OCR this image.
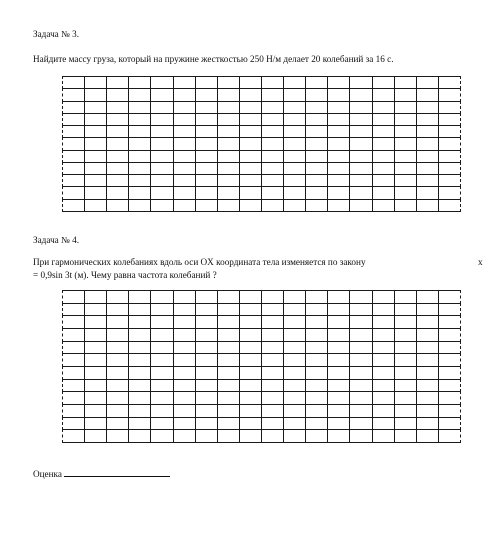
Задача № 3.
Найдите массу груза, который на пружине жесткостью 250 Н/м делает 20 колебаний за 16 с.
Задача № 4.
При гармонических колебаниях вдоль оси OX координата тела изменяется по закону	x
= 0,9sin 3t (м). Чему равна частота колебаний ?
Оценка
